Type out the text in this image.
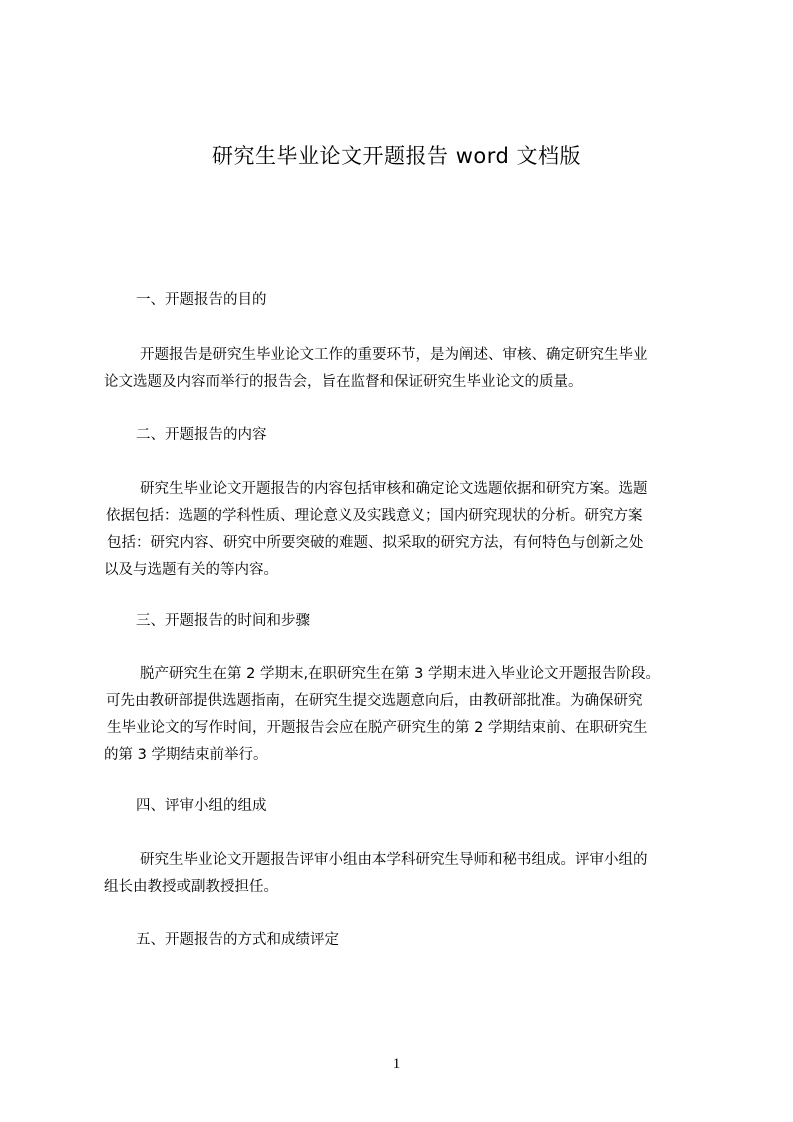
研究生毕业论文开题报告 word 文档版
一、开题报告的目的
开题报告是研究生毕业论文工作的重要环节，是为阐述、审核、确定研究生毕业
论文选题及内容而举行的报告会，旨在监督和保证研究生毕业论文的质量。
二、开题报告的内容
研究生毕业论文开题报告的内容包括审核和确定论文选题依据和研究方案。选题
依据包括：选题的学科性质、理论意义及实践意义；国内研究现状的分析。研究方案
包括：研究内容、研究中所要突破的难题、拟采取的研究方法，有何特色与创新之处
以及与选题有关的等内容。
三、开题报告的时间和步骤
脱产研究生在第 2 学期末,在职研究生在第 3 学期末进入毕业论文开题报告阶段。
可先由教研部提供选题指南，在研究生提交选题意向后，由教研部批准。为确保研究
生毕业论文的写作时间，开题报告会应在脱产研究生的第 2 学期结束前、在职研究生
的第 3 学期结束前举行。
四、评审小组的组成
研究生毕业论文开题报告评审小组由本学科研究生导师和秘书组成。评审小组的
组长由教授或副教授担任。
五、开题报告的方式和成绩评定
1
